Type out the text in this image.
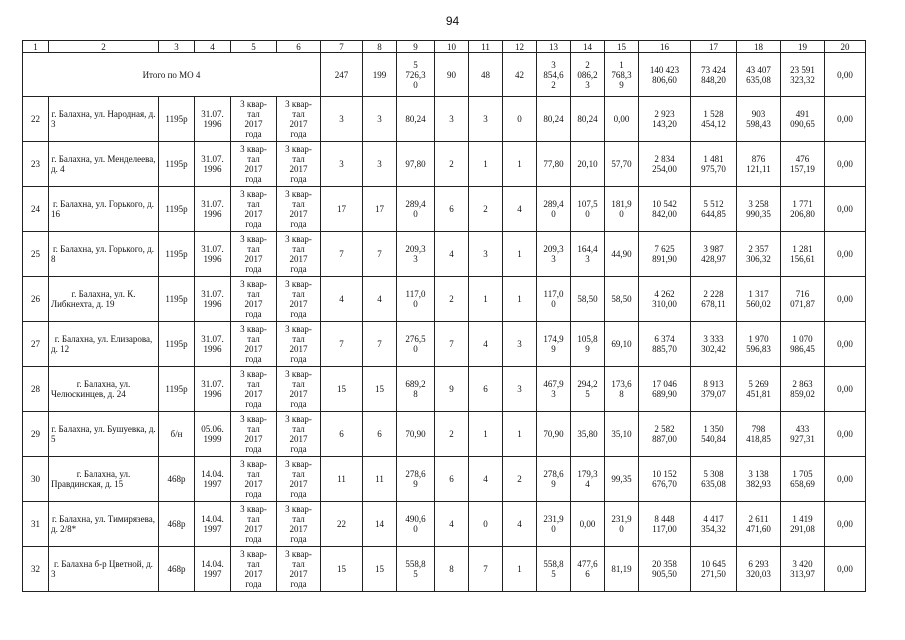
94
1	2	3	4	5	6	7	8	9	10	11	12	13	14	15	16	17	18	19	20
Итого по МО 4						247	199	5
726,3
0	90	48	42	3
854,6
2	2
086,2
3	1
768,3
9	140 423
806,60	73 424
848,20	43 407
635,08	23 591
323,32	0,00
22	г. Балахна, ул. Народная, д. 3	1195р	31.07.
1996	3 квар-
тал
2017
года	3 квар-
тал
2017
года	3	3	80,24	3	3	0	80,24	80,24	0,00	2 923
143,20	1 528
454,12	903
598,43	491
090,65	0,00
23	г. Балахна, ул. Менделеева, д. 4	1195р	31.07.
1996	3 квар-
тал
2017
года	3 квар-
тал
2017
года	3	3	97,80	2	1	1	77,80	20,10	57,70	2 834
254,00	1 481
975,70	876
121,11	476
157,19	0,00
24	г. Балахна, ул. Горького, д. 16	1195р	31.07.
1996	3 квар-
тал
2017
года	3 квар-
тал
2017
года	17	17	289,4
0	6	2	4	289,4
0	107,5
0	181,9
0	10 542
842,00	5 512
644,85	3 258
990,35	1 771
206,80	0,00
25	г. Балахна, ул. Горького, д. 8	1195р	31.07.
1996	3 квар-
тал
2017
года	3 квар-
тал
2017
года	7	7	209,3
3	4	3	1	209,3
3	164,4
3	44,90	7 625
891,90	3 987
428,97	2 357
306,32	1 281
156,61	0,00
26	г. Балахна, ул. К. Либкнехта, д. 19	1195р	31.07.
1996	3 квар-
тал
2017
года	3 квар-
тал
2017
года	4	4	117,0
0	2	1	1	117,0
0	58,50	58,50	4 262
310,00	2 228
678,11	1 317
560,02	716
071,87	0,00
27	г. Балахна, ул. Елизарова, д. 12	1195р	31.07.
1996	3 квар-
тал
2017
года	3 квар-
тал
2017
года	7	7	276,5
0	7	4	3	174,9
9	105,8
9	69,10	6 374
885,70	3 333
302,42	1 970
596,83	1 070
986,45	0,00
28	г. Балахна, ул. Челюскинцев, д. 24	1195р	31.07.
1996	3 квар-
тал
2017
года	3 квар-
тал
2017
года	15	15	689,2
8	9	6	3	467,9
3	294,2
5	173,6
8	17 046
689,90	8 913
379,07	5 269
451,81	2 863
859,02	0,00
29	г. Балахна, ул. Бушуевка, д. 5	б/н	05.06.
1999	3 квар-
тал
2017
года	3 квар-
тал
2017
года	6	6	70,90	2	1	1	70,90	35,80	35,10	2 582
887,00	1 350
540,84	798
418,85	433
927,31	0,00
30	г. Балахна, ул. Правдинская, д. 15	468р	14.04.
1997	3 квар-
тал
2017
года	3 квар-
тал
2017
года	11	11	278,6
9	6	4	2	278,6
9	179,3
4	99,35	10 152
676,70	5 308
635,08	3 138
382,93	1 705
658,69	0,00
31	г. Балахна, ул. Тимирязева, д. 2/8*	468р	14.04.
1997	3 квар-
тал
2017
года	3 квар-
тал
2017
года	22	14	490,6
0	4	0	4	231,9
0	0,00	231,9
0	8 448
117,00	4 417
354,32	2 611
471,60	1 419
291,08	0,00
32	г. Балахна б-р Цветной, д. 3	468р	14.04.
1997	3 квар-
тал
2017
года	3 квар-
тал
2017
года	15	15	558,8
5	8	7	1	558,8
5	477,6
6	81,19	20 358
905,50	10 645
271,50	6 293
320,03	3 420
313,97	0,00
